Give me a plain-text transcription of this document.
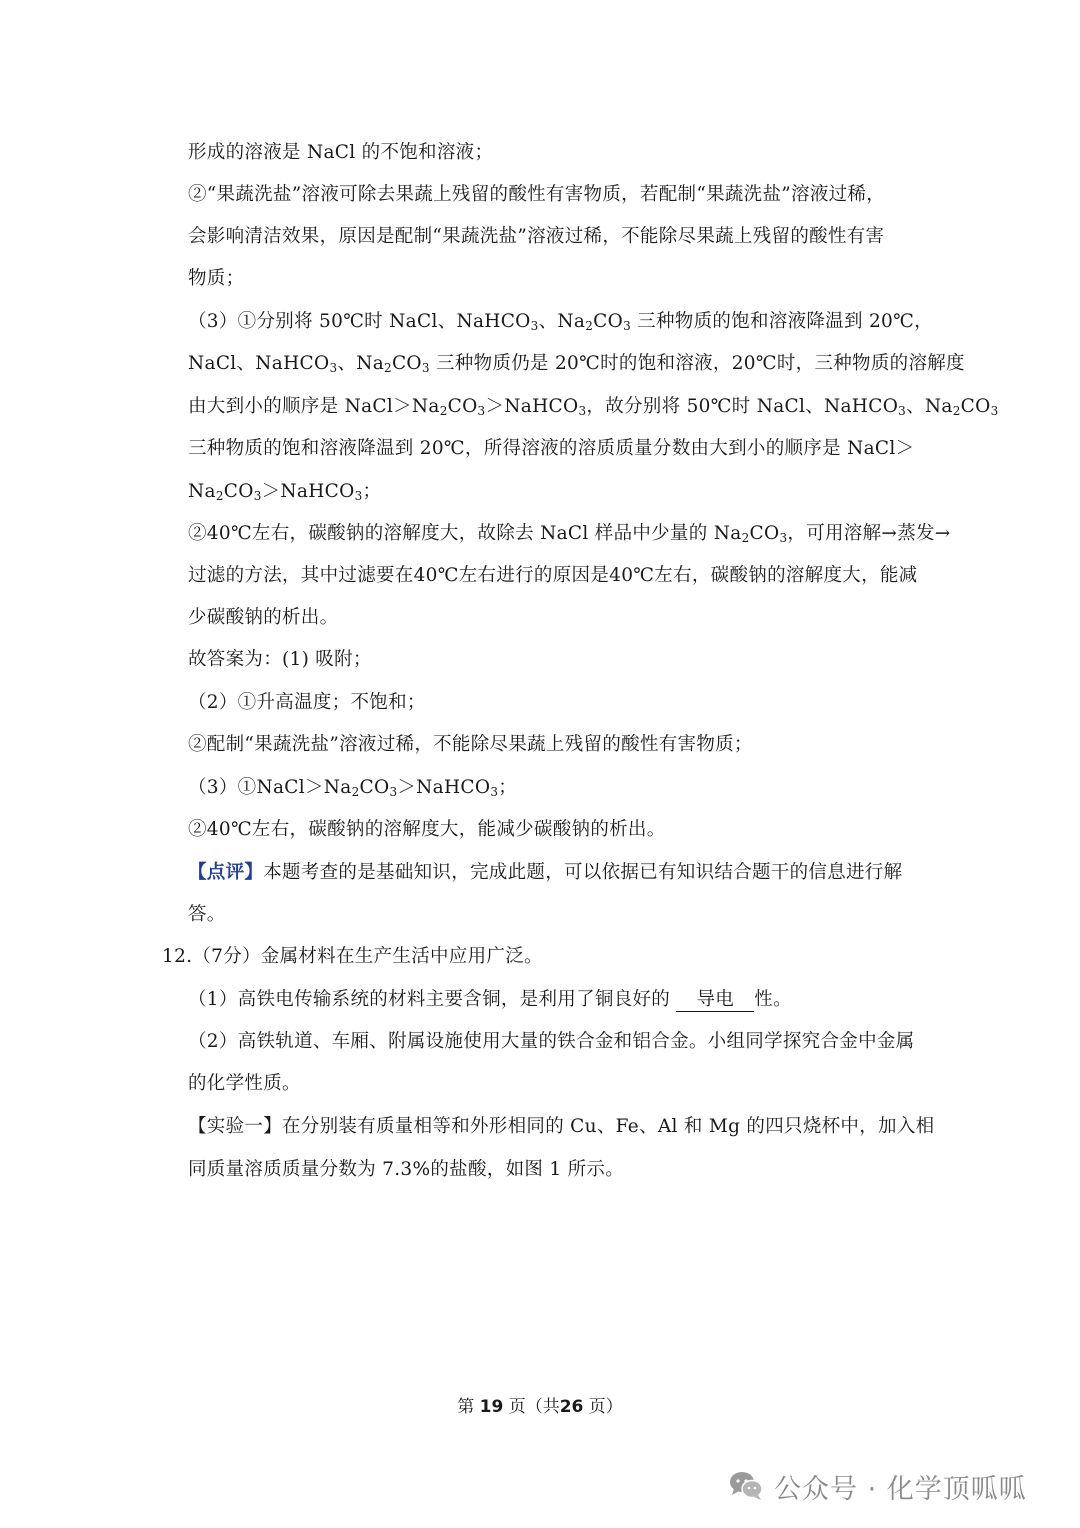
形成的溶液是 NaCl 的不饱和溶液；
②“果蔬洗盐”溶液可除去果蔬上残留的酸性有害物质，若配制“果蔬洗盐”溶液过稀，
会影响清洁效果，原因是配制“果蔬洗盐”溶液过稀，不能除尽果蔬上残留的酸性有害
物质；
（3）①分别将 50℃时 NaCl、NaHCO$_3$、$Na_2CO_3$ 三种物质的饱和溶液降温到 20℃，
NaCl、NaHCO$_3$、$Na_2CO_3$ 三种物质仍是 20℃时的饱和溶液，20℃时，三种物质的溶解度
由大到小的顺序是 $NaCl>Na_2CO_3>NaHCO_3$，故分别将 50℃时 NaCl、NaHCO$_3$、$Na_2CO_3$
三种物质的饱和溶液降温到 20℃，所得溶液的溶质质量分数由大到小的顺序是 NaCl＞
$Na_2CO_3>NaHCO_3$；
②40℃左右，碳酸钠的溶解度大，故除去 NaCl 样品中少量的 $Na_2CO_3$，可用溶解→蒸发→
过滤的方法，其中过滤要在40℃左右进行的原因是40℃左右，碳酸钠的溶解度大，能减
少碳酸钠的析出。
故答案为：(1) 吸附；
（2）①升高温度；不饱和；
②配制“果蔬洗盐”溶液过稀，不能除尽果蔬上残留的酸性有害物质；
$(3)①NaCl>Na_2CO_3>NaHCO_3$；
②40℃左右，碳酸钠的溶解度大，能减少碳酸钠的析出。
【点评】本题考查的是基础知识，完成此题，可以依据已有知识结合题干的信息进行解
答。
12.（7分）金属材料在生产生活中应用广泛。
（1）高铁电传输系统的材料主要含铜，是利用了铜良好的 导电 性。
（2）高铁轨道、车厢、附属设施使用大量的铁合金和铝合金。小组同学探究合金中金属
的化学性质。
【实验一】在分别装有质量相等和外形相同的 Cu、Fe、Al 和 Mg 的四只烧杯中，加入相
同质量溶质质量分数为 7.3%的盐酸，如图 1 所示。
第 19 页（共26 页）
公众号 · 化学顶呱呱
